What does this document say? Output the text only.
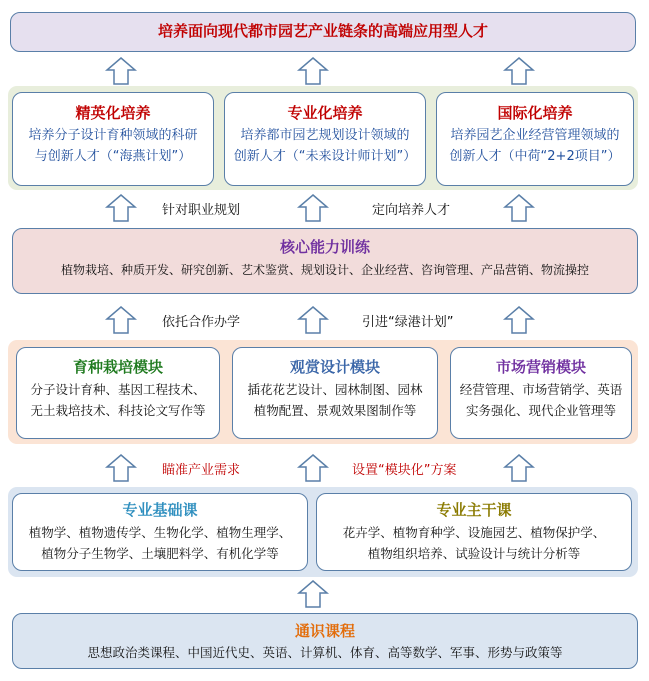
培养面向现代都市园艺产业链条的高端应用型人才
精英化培养
培养分子设计育种领域的科研
与创新人才（“海燕计划”）
专业化培养
培养都市园艺规划设计领域的
创新人才（“未来设计师计划”）
国际化培养
培养园艺企业经营管理领域的
创新人才（中荷“2+2项目”）
针对职业规划	定向培养人才
核心能力训练
植物栽培、种质开发、研究创新、艺术鉴赏、规划设计、企业经营、咨询管理、产品营销、物流操控
依托合作办学	引进“绿港计划”
育种栽培模块
分子设计育种、基因工程技术、
无土栽培技术、科技论文写作等
观赏设计模块
插花花艺设计、园林制图、园林
植物配置、景观效果图制作等
市场营销模块
经营管理、市场营销学、英语
实务强化、现代企业管理等
瞄准产业需求	设置“模块化”方案
专业基础课
植物学、植物遗传学、生物化学、植物生理学、
植物分子生物学、土壤肥料学、有机化学等
专业主干课
花卉学、植物育种学、设施园艺、植物保护学、
植物组织培养、试验设计与统计分析等
通识课程
思想政治类课程、中国近代史、英语、计算机、体育、高等数学、军事、形势与政策等
